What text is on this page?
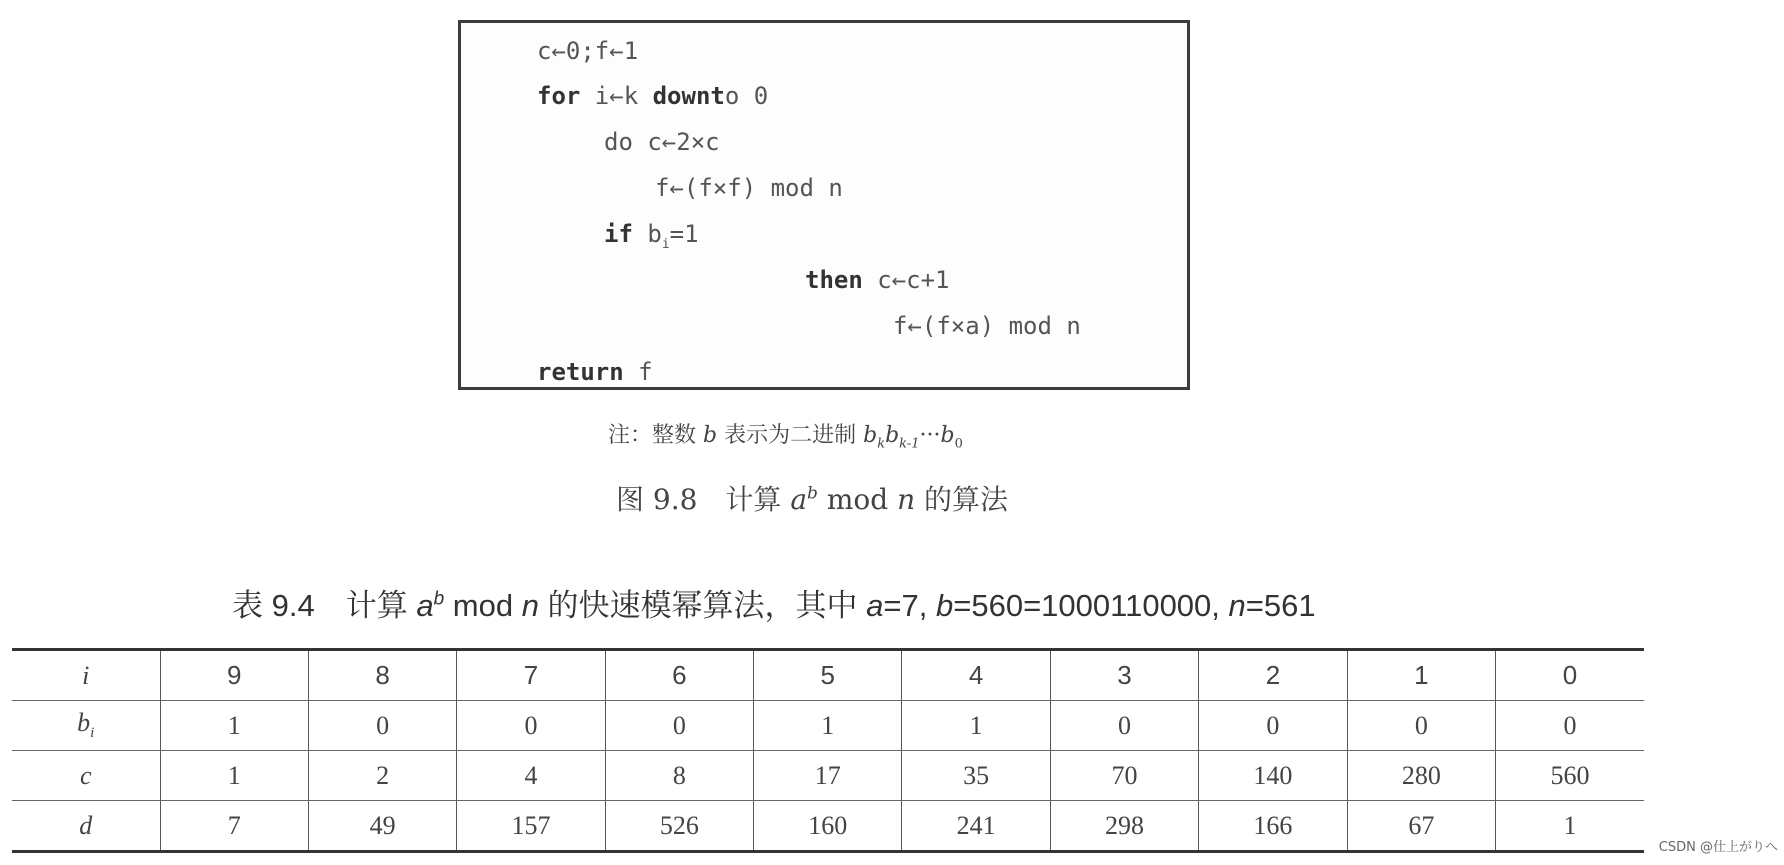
c←0;f←1
for i←k downto 0
do c←2×c
f←(f×f) mod n
if $b_i=1$
then c←c+1
f←(f×a) mod n
return f
注：整数 b 表示为二进制 $b_kb_{k-1}\cdot\cdot\cdot b_0$
图 9.8　计算 $a^b$ mod n 的算法
表 9.4　计算 $a^b$ mod n 的快速模幂算法，其中 a=7, b=560=1000110000, n=561
i	9	8	7	6	5	4	3	2	1	0
$b_i$	1	0	0	0	1	1	0	0	0	0
c	1	2	4	8	17	35	70	140	280	560
d	7	49	157	526	160	241	298	166	67	1
CSDN @仕上がりへ
